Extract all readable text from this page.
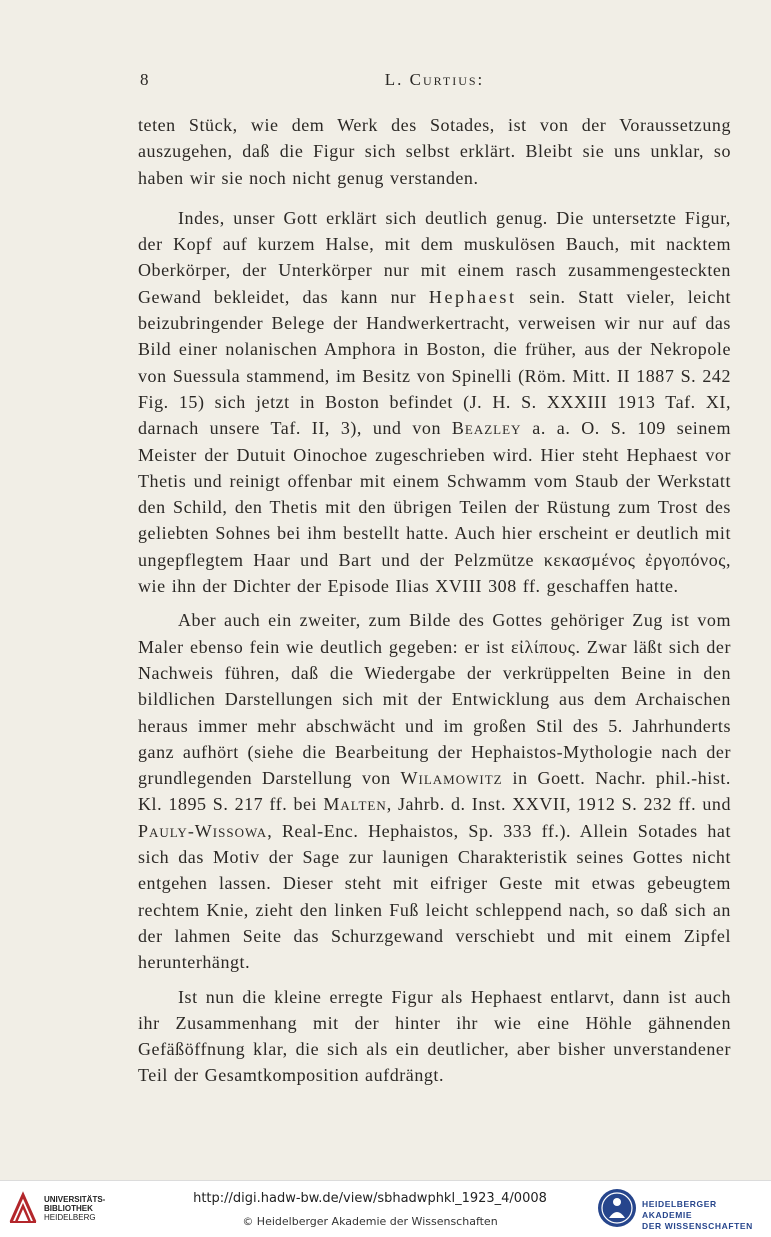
8	L. Curtius:

teten Stück, wie dem Werk des Sotades, ist von der Voraussetzung auszugehen, daß die Figur sich selbst erklärt. Bleibt sie uns unklar, so haben wir sie noch nicht genug verstanden.

Indes, unser Gott erklärt sich deutlich genug. Die untersetzte Figur, der Kopf auf kurzem Halse, mit dem muskulösen Bauch, mit nacktem Oberkörper, der Unterkörper nur mit einem rasch zusammengesteckten Gewand bekleidet, das kann nur Hephaest sein. Statt vieler, leicht beizubringender Belege der Handwerkertracht, verweisen wir nur auf das Bild einer nolanischen Amphora in Boston, die früher, aus der Nekropole von Suessula stammend, im Besitz von Spinelli (Röm. Mitt. II 1887 S. 242 Fig. 15) sich jetzt in Boston befindet (J. H. S. XXXIII 1913 Taf. XI, darnach unsere Taf. II, 3), und von Beazley a. a. O. S. 109 seinem Meister der Dutuit Oinochoe zugeschrieben wird. Hier steht Hephaest vor Thetis und reinigt offenbar mit einem Schwamm vom Staub der Werkstatt den Schild, den Thetis mit den übrigen Teilen der Rüstung zum Trost des geliebten Sohnes bei ihm bestellt hatte. Auch hier erscheint er deutlich mit ungepflegtem Haar und Bart und der Pelzmütze κεκασμένος ἐργοπόνος, wie ihn der Dichter der Episode Ilias XVIII 308 ff. geschaffen hatte.

Aber auch ein zweiter, zum Bilde des Gottes gehöriger Zug ist vom Maler ebenso fein wie deutlich gegeben: er ist εἰλίπους. Zwar läßt sich der Nachweis führen, daß die Wiedergabe der verkrüppelten Beine in den bildlichen Darstellungen sich mit der Entwicklung aus dem Archaischen heraus immer mehr abschwächt und im großen Stil des 5. Jahrhunderts ganz aufhört (siehe die Bearbeitung der Hephaistos-Mythologie nach der grundlegenden Darstellung von Wilamowitz in Goett. Nachr. phil.-hist. Kl. 1895 S. 217 ff. bei Malten, Jahrb. d. Inst. XXVII, 1912 S. 232 ff. und Pauly-Wissowa, Real-Enc. Hephaistos, Sp. 333 ff.). Allein Sotades hat sich das Motiv der Sage zur launigen Charakteristik seines Gottes nicht entgehen lassen. Dieser steht mit eifriger Geste mit etwas gebeugtem rechtem Knie, zieht den linken Fuß leicht schleppend nach, so daß sich an der lahmen Seite das Schurzgewand verschiebt und mit einem Zipfel herunterhängt.

Ist nun die kleine erregte Figur als Hephaest entlarvt, dann ist auch ihr Zusammenhang mit der hinter ihr wie eine Höhle gähnenden Gefäßöffnung klar, die sich als ein deutlicher, aber bisher unverstandener Teil der Gesamtkomposition aufdrängt.

UNIVERSITÄTS-
BIBLIOTHEK
HEIDELBERG
http://digi.hadw-bw.de/view/sbhadwphkl_1923_4/0008
© Heidelberger Akademie der Wissenschaften
HEIDELBERGER AKADEMIE
DER WISSENSCHAFTEN
